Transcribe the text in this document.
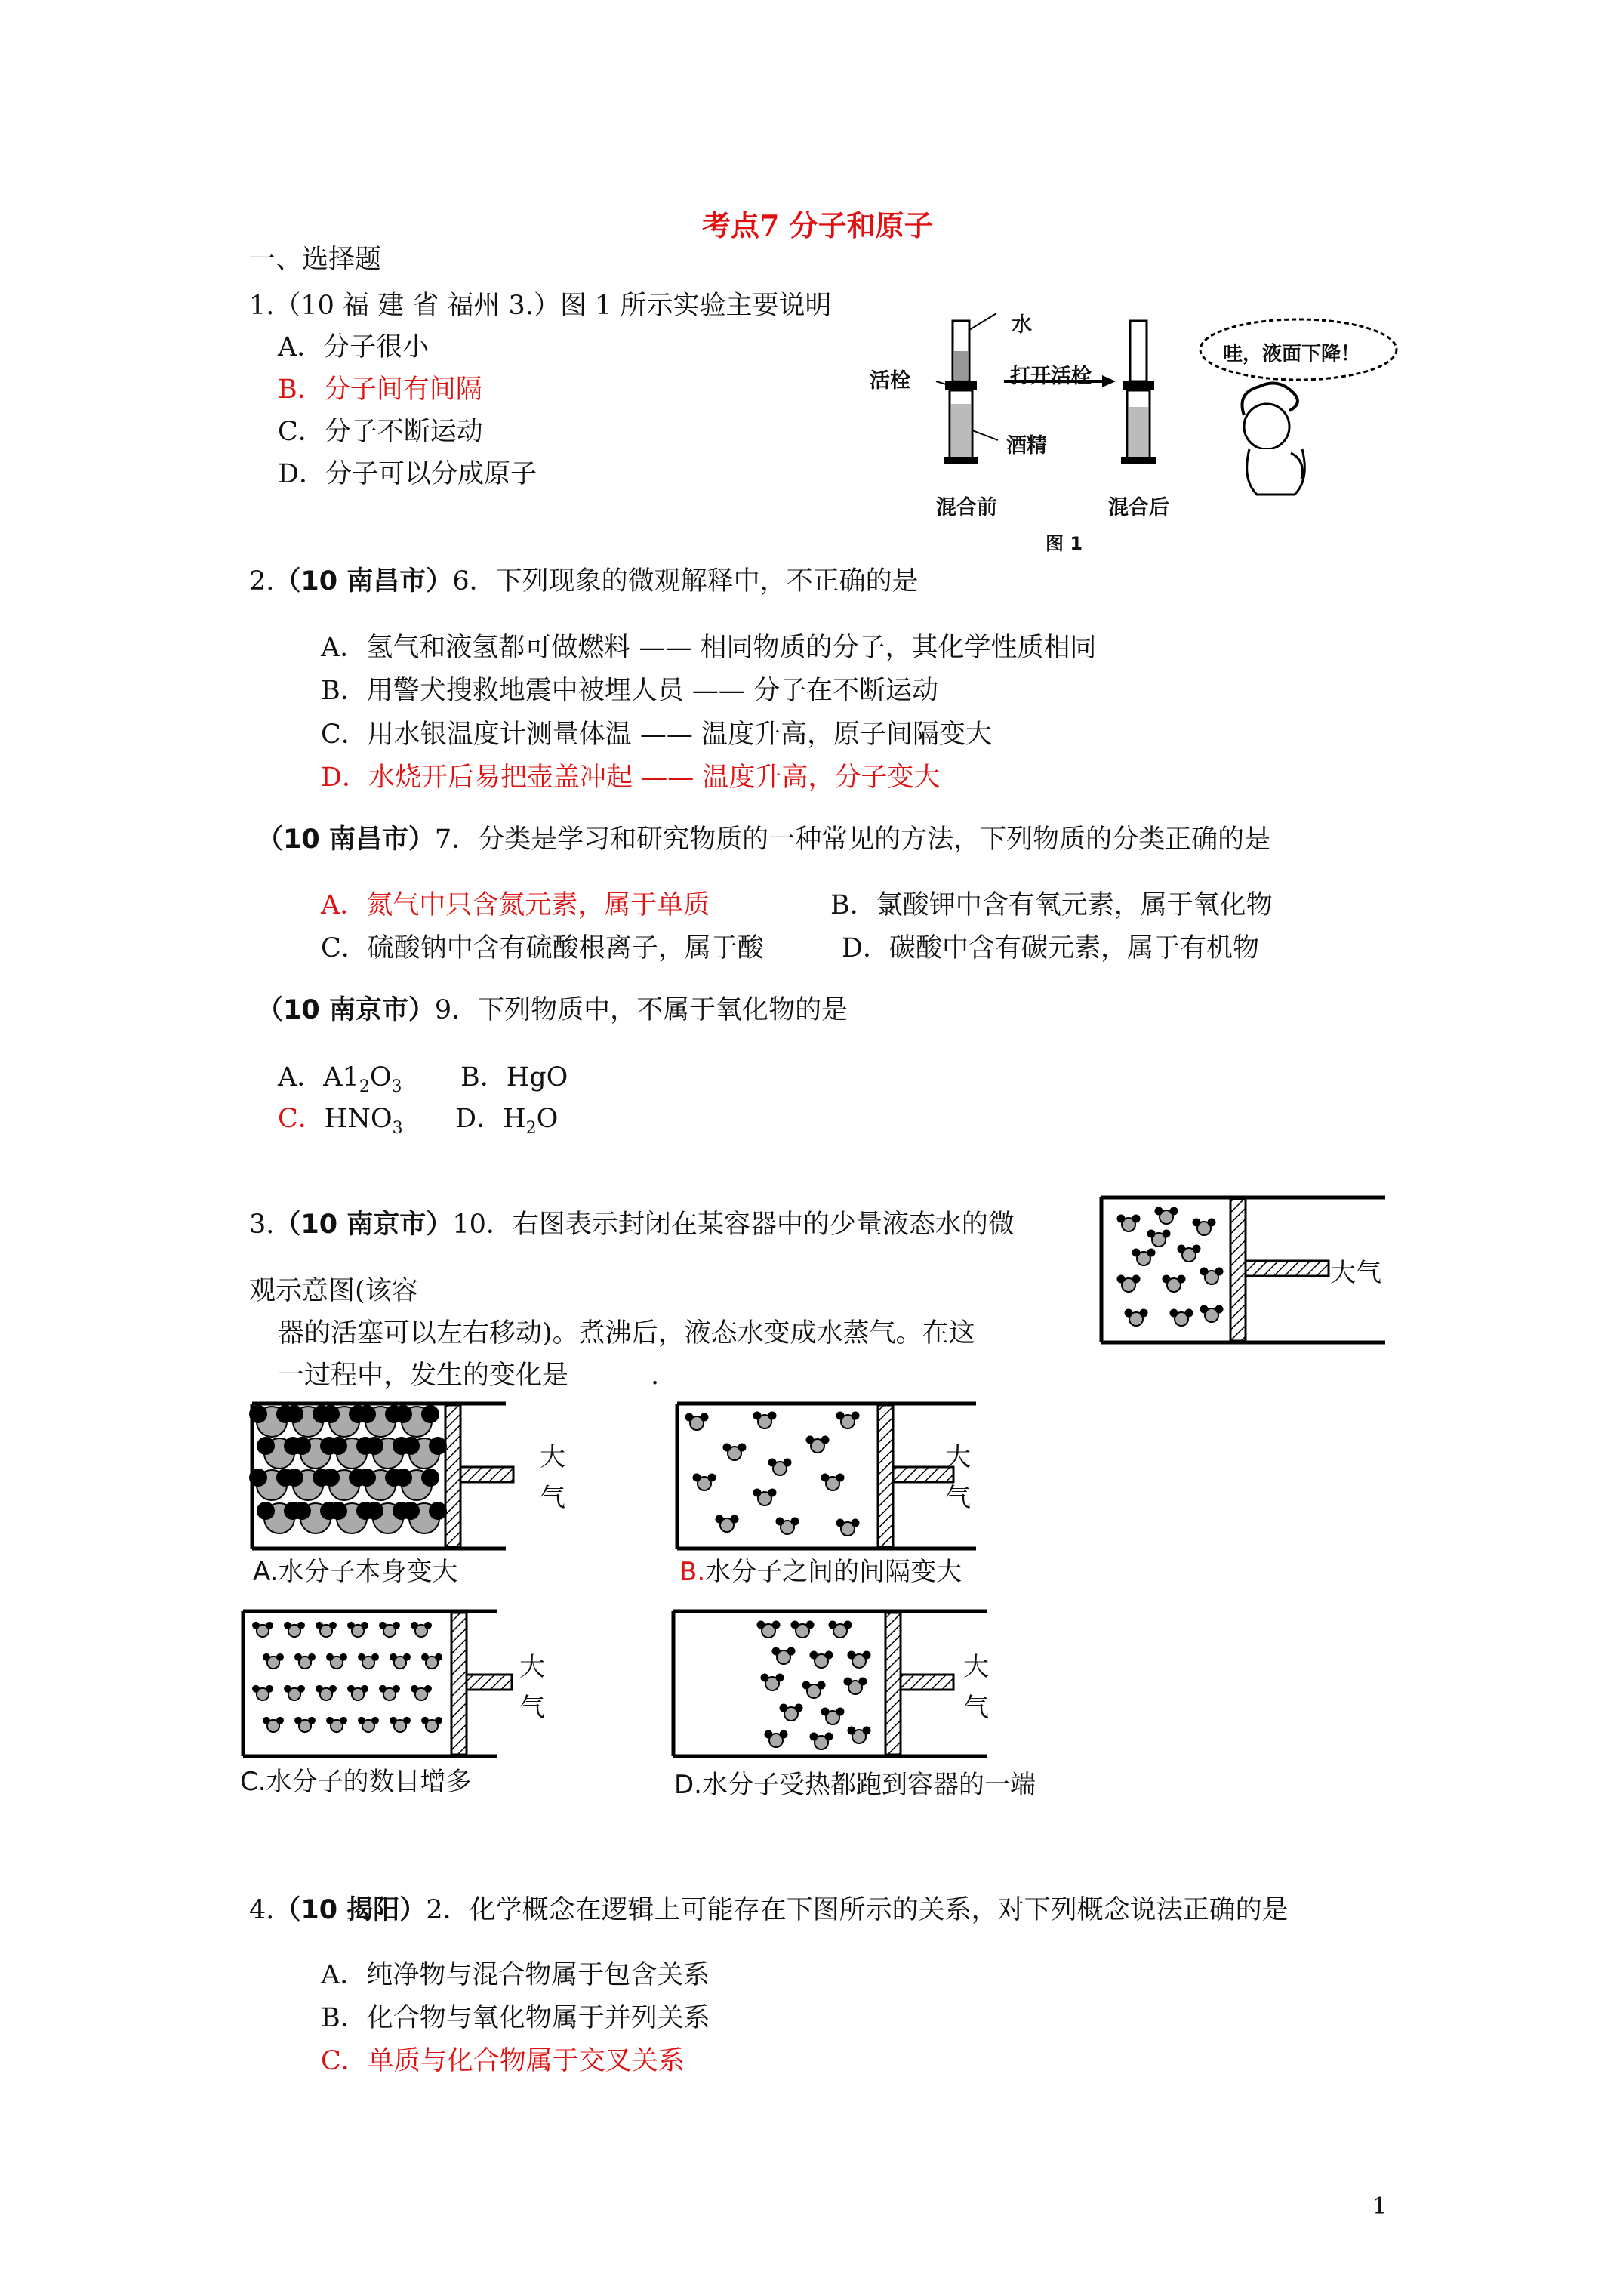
考点7 分子和原子
一、选择题
1.（10 福 建 省 福州 3.）图 1 所示实验主要说明
A．分子很小
B．分子间有间隔
C．分子不断运动
D．分子可以分成原子
水
活栓	打开活栓
酒精
混合前	混合后
哇，液面下降！
图 1
2.（10 南昌市）6．下列现象的微观解释中，不正确的是
A．氢气和液氢都可做燃料 —— 相同物质的分子，其化学性质相同
B．用警犬搜救地震中被埋人员 —— 分子在不断运动
C．用水银温度计测量体温 —— 温度升高，原子间隔变大
D．水烧开后易把壶盖冲起 —— 温度升高，分子变大
（10 南昌市）7．分类是学习和研究物质的一种常见的方法，下列物质的分类正确的是
A．氮气中只含氮元素，属于单质	B．氯酸钾中含有氧元素，属于氧化物
C．硫酸钠中含有硫酸根离子，属于酸	D．碳酸中含有碳元素，属于有机物
（10 南京市）9．下列物质中，不属于氧化物的是
A．$A1_2O_3$ B．HgO
C．$HNO_3$ D．$H_2O$
3.（10 南京市）10．右图表示封闭在某容器中的少量液态水的微
观示意图(该容
器的活塞可以左右移动)。煮沸后，液态水变成水蒸气。在这
一过程中，发生的变化是	.
大气
大
气
大
气
A.水分子本身变大	B.水分子之间的间隔变大
大
气
大
气
C.水分子的数目增多	D.水分子受热都跑到容器的一端
4.（10 揭阳）2．化学概念在逻辑上可能存在下图所示的关系，对下列概念说法正确的是
A．纯净物与混合物属于包含关系
B．化合物与氧化物属于并列关系
C．单质与化合物属于交叉关系
1
